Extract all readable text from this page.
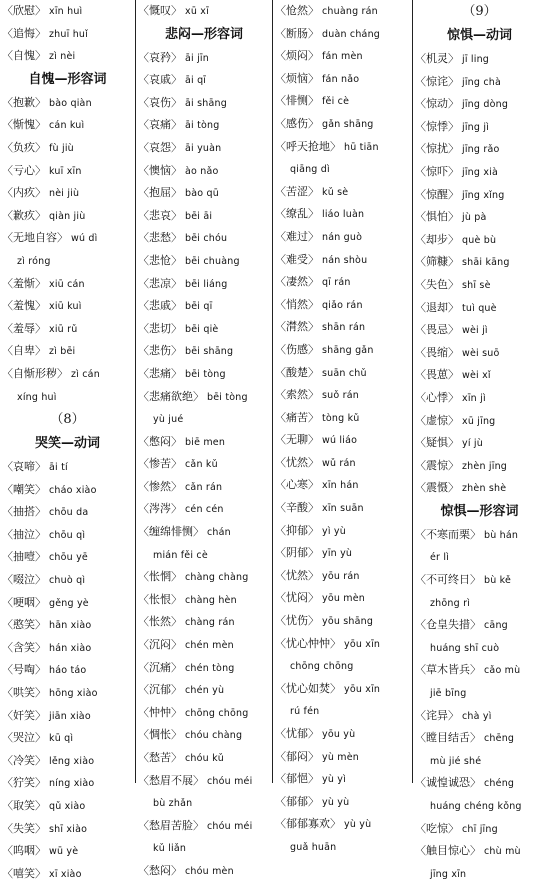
〈欣慰〉 xīn huì
〈追悔〉 zhuī huǐ
〈自愧〉 zì nèi
自愧—形容词
〈抱歉〉 bào qiàn
〈惭愧〉 cán kuì
〈负疚〉 fù jiù
〈亏心〉 kuī xīn
〈内疚〉 nèi jiù
〈歉疚〉 qiàn jiù
〈无地自容〉 wú dì
zì róng
〈羞惭〉 xiū cán
〈羞愧〉 xiū kuì
〈羞辱〉 xiū rǔ
〈自卑〉 zì bēi
〈自惭形秽〉 zì cán
xíng huì
（8）
哭笑—动词
〈哀啼〉 āi tí
〈嘲笑〉 cháo xiào
〈抽搭〉 chōu da
〈抽泣〉 chōu qì
〈抽噎〉 chōu yē
〈啜泣〉 chuò qì
〈哽咽〉 gěng yè
〈憨笑〉 hān xiào
〈含笑〉 hán xiào
〈号啕〉 háo táo
〈哄笑〉 hōng xiào
〈奸笑〉 jiān xiào
〈哭泣〉 kū qì
〈冷笑〉 lěng xiào
〈狞笑〉 níng xiào
〈取笑〉 qǔ xiào
〈失笑〉 shī xiào
〈呜咽〉 wū yè
〈嘻笑〉 xī xiào
〈慨叹〉 xū xī
悲闷—形容词
〈哀矜〉 āi jīn
〈哀戚〉 āi qī
〈哀伤〉 āi shāng
〈哀痛〉 āi tòng
〈哀怨〉 āi yuàn
〈懊恼〉 ào nǎo
〈抱屈〉 bào qū
〈悲哀〉 bēi āi
〈悲愁〉 bēi chóu
〈悲怆〉 bēi chuàng
〈悲凉〉 bēi liáng
〈悲戚〉 bēi qī
〈悲切〉 bēi qiè
〈悲伤〉 bēi shāng
〈悲痛〉 bēi tòng
〈悲痛欲绝〉 bēi tòng
yù jué
〈憋闷〉 biē men
〈惨苦〉 cǎn kǔ
〈惨然〉 cǎn rán
〈涔涔〉 cén cén
〈缠绵悱恻〉 chán
mián fěi cè
〈怅惘〉 chàng chàng
〈怅恨〉 chàng hèn
〈怅然〉 chàng rán
〈沉闷〉 chén mèn
〈沉痛〉 chén tòng
〈沉郁〉 chén yù
〈忡忡〉 chōng chōng
〈惆怅〉 chóu chàng
〈愁苦〉 chóu kǔ
〈愁眉不展〉 chóu méi
bù zhǎn
〈愁眉苦脸〉 chóu méi
kǔ liǎn
〈愁闷〉 chóu mèn
〈怆然〉 chuàng rán
〈断肠〉 duàn cháng
〈烦闷〉 fán mèn
〈烦恼〉 fán nǎo
〈悱恻〉 fěi cè
〈感伤〉 gǎn shāng
〈呼天抢地〉 hū tiān
qiāng dì
〈苦涩〉 kǔ sè
〈缭乱〉 liáo luàn
〈难过〉 nán guò
〈难受〉 nán shòu
〈凄然〉 qī rán
〈悄然〉 qiǎo rán
〈潸然〉 shān rán
〈伤感〉 shāng gǎn
〈酸楚〉 suān chǔ
〈索然〉 suǒ rán
〈痛苦〉 tòng kǔ
〈无聊〉 wú liáo
〈忧然〉 wǔ rán
〈心寒〉 xīn hán
〈辛酸〉 xīn suān
〈抑郁〉 yì yù
〈阴郁〉 yīn yù
〈忧然〉 yōu rán
〈忧闷〉 yōu mèn
〈忧伤〉 yōu shāng
〈忧心忡忡〉 yōu xīn
chōng chōng
〈忧心如焚〉 yōu xīn
rú fén
〈忧郁〉 yōu yù
〈郁闷〉 yù mèn
〈郁悒〉 yù yì
〈郁郁〉 yù yù
〈郁郁寡欢〉 yù yù
guǎ huān
（9）
惊惧—动词
〈机灵〉 jī ling
〈惊诧〉 jīng chà
〈惊动〉 jīng dòng
〈惊悸〉 jīng jì
〈惊扰〉 jīng rǎo
〈惊吓〉 jīng xià
〈惊醒〉 jīng xǐng
〈惧怕〉 jù pà
〈却步〉 què bù
〈筛糠〉 shāi kāng
〈失色〉 shī sè
〈退却〉 tuì què
〈畏忌〉 wèi jì
〈畏缩〉 wèi suō
〈畏葸〉 wèi xǐ
〈心悸〉 xīn jì
〈虚惊〉 xū jīng
〈疑惧〉 yí jù
〈震惊〉 zhèn jīng
〈震慑〉 zhèn shè
惊惧—形容词
〈不寒而栗〉 bù hán
ér lì
〈不可终日〉 bù kě
zhōng rì
〈仓皇失措〉 cāng
huáng shī cuò
〈草木皆兵〉 cǎo mù
jiē bīng
〈诧异〉 chà yì
〈瞠目结舌〉 chēng
mù jié shé
〈诚惶诚恐〉 chéng
huáng chéng kǒng
〈吃惊〉 chī jīng
〈触目惊心〉 chù mù
jīng xīn
